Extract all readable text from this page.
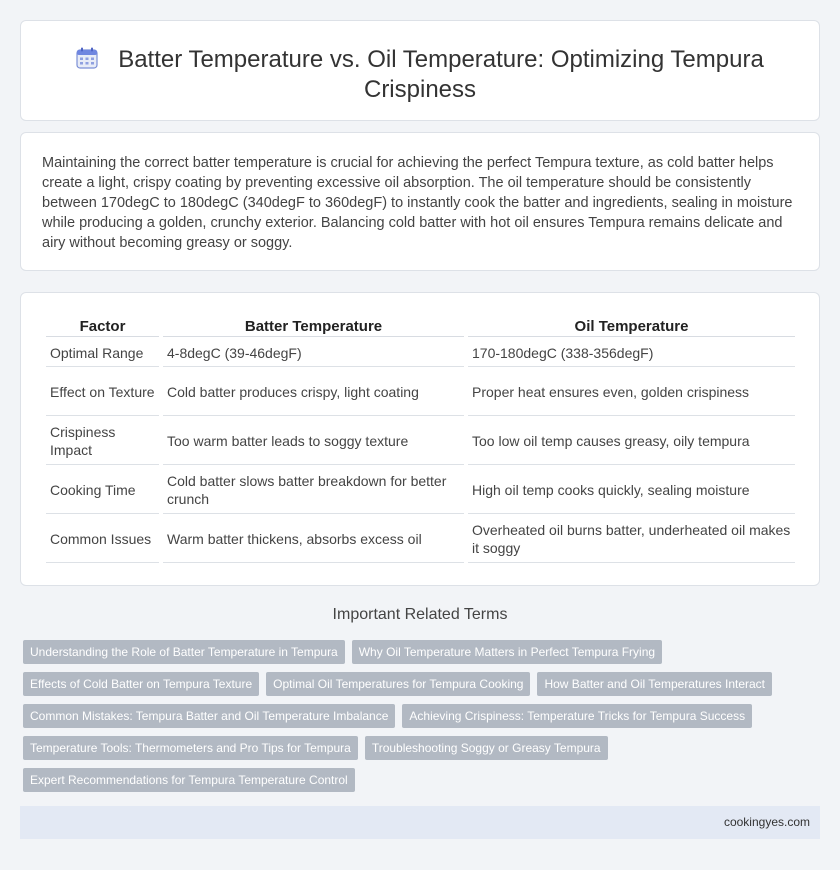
Batter Temperature vs. Oil Temperature: Optimizing Tempura Crispiness

Maintaining the correct batter temperature is crucial for achieving the perfect Tempura texture, as cold batter helps create a light, crispy coating by preventing excessive oil absorption. The oil temperature should be consistently between 170degC to 180degC (340degF to 360degF) to instantly cook the batter and ingredients, sealing in moisture while producing a golden, crunchy exterior. Balancing cold batter with hot oil ensures Tempura remains delicate and airy without becoming greasy or soggy.

Factor	Batter Temperature	Oil Temperature
Optimal Range	4-8degC (39-46degF)	170-180degC (338-356degF)
Effect on Texture	Cold batter produces crispy, light coating	Proper heat ensures even, golden crispiness
Crispiness Impact	Too warm batter leads to soggy texture	Too low oil temp causes greasy, oily tempura
Cooking Time	Cold batter slows batter breakdown for better crunch	High oil temp cooks quickly, sealing moisture
Common Issues	Warm batter thickens, absorbs excess oil	Overheated oil burns batter, underheated oil makes it soggy
Important Related Terms
Understanding the Role of Batter Temperature in Tempura	Why Oil Temperature Matters in Perfect Tempura Frying
Effects of Cold Batter on Tempura Texture	Optimal Oil Temperatures for Tempura Cooking	How Batter and Oil Temperatures Interact
Common Mistakes: Tempura Batter and Oil Temperature Imbalance	Achieving Crispiness: Temperature Tricks for Tempura Success
Temperature Tools: Thermometers and Pro Tips for Tempura	Troubleshooting Soggy or Greasy Tempura
Expert Recommendations for Tempura Temperature Control
cookingyes.com
